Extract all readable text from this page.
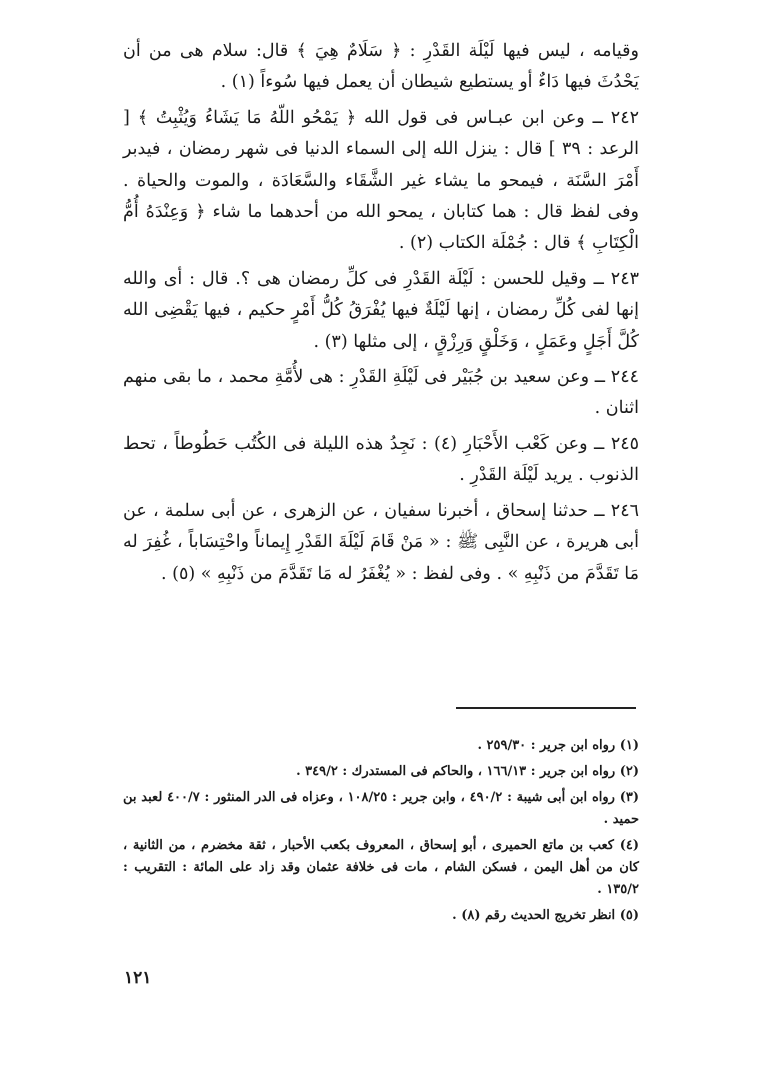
وقيامه ، ليس فيها لَيْلَة القَدْرِ : ﴿ سَلَامٌ هِيَ ﴾ قال: سلام هى من أن يَحْدُثَ فيها دَاءٌ أو يستطيع شيطان أن يعمل فيها سُوءاً (١) .

٢٤٢ ــ وعن ابن عبـاس فى قول الله ﴿ يَمْحُو اللّهُ مَا يَشَاءُ وَيُثْبِتُ ﴾ [ الرعد : ٣٩ ] قال : ينزل الله إلى السماء الدنيا فى شهر رمضان ، فيدبر أَمْرَ السَّنَة ، فيمحو ما يشاء غير الشَّقَاء والسَّعَادَة ، والموت والحياة . وفى لفظ قال : هما كتابان ، يمحو الله من أحدهما ما شاء ﴿ وَعِنْدَهُ أُمُّ الْكِتَابِ ﴾ قال : جُمْلَة الكتاب (٢) .

٢٤٣ ــ وقيل للحسن : لَيْلَة القَدْرِ فى كلِّ رمضان هى ؟. قال : أى والله إنها لفى كُلِّ رمضان ، إنها لَيْلَةٌ فيها يُفْرَقُ كُلُّ أَمْرٍ حكيم ، فيها يَقْضِى الله كُلَّ أَجَلٍ وعَمَلٍ ، وَخَلْقٍ وَرِزْقٍ ، إلى مثلها (٣) .

٢٤٤ ــ وعن سعيد بن جُبَيْر فى لَيْلَةِ القَدْرِ : هى لأُمَّةِ محمد ، ما بقى منهم اثنان .

٢٤٥ ــ وعن كَعْب الأَحْبَارِ (٤) : نَجِدُ هذه الليلة فى الكُتُب حَطُوطاً ، تحط الذنوب . يريد لَيْلَة القَدْرِ .

٢٤٦ ــ حدثنا إسحاق ، أخبرنا سفيان ، عن الزهرى ، عن أبى سلمة ، عن أبى هريرة ، عن النَّبِى ﷺ : « مَنْ قَامَ لَيْلَةَ القَدْرِ إِيماناً واحْتِسَاباً ، غُفِرَ له مَا تَقَدَّمَ من ذَنْبِهِ » . وفى لفظ : « يُغْفَرُ له مَا تَقَدَّمَ من ذَنْبِهِ » (٥) .

(١) رواه ابن جرير : ٢٥٩/٣٠ .

(٢) رواه ابن جرير : ١٦٦/١٣ ، والحاكم فى المستدرك : ٣٤٩/٢ .

(٣) رواه ابن أبى شيبة : ٤٩٠/٢ ، وابن جرير : ١٠٨/٢٥ ، وعزاه فى الدر المنثور : ٤٠٠/٧ لعبد بن حميد .

(٤) كعب بن ماتع الحميرى ، أبو إسحاق ، المعروف بكعب الأحبار ، ثقة مخضرم ، من الثانية ، كان من أهل اليمن ، فسكن الشام ، مات فى خلافة عثمان وقد زاد على المائة : التقريب : ١٣٥/٢ .

(٥) انظر تخريج الحديث رقم (٨) .

١٢١
